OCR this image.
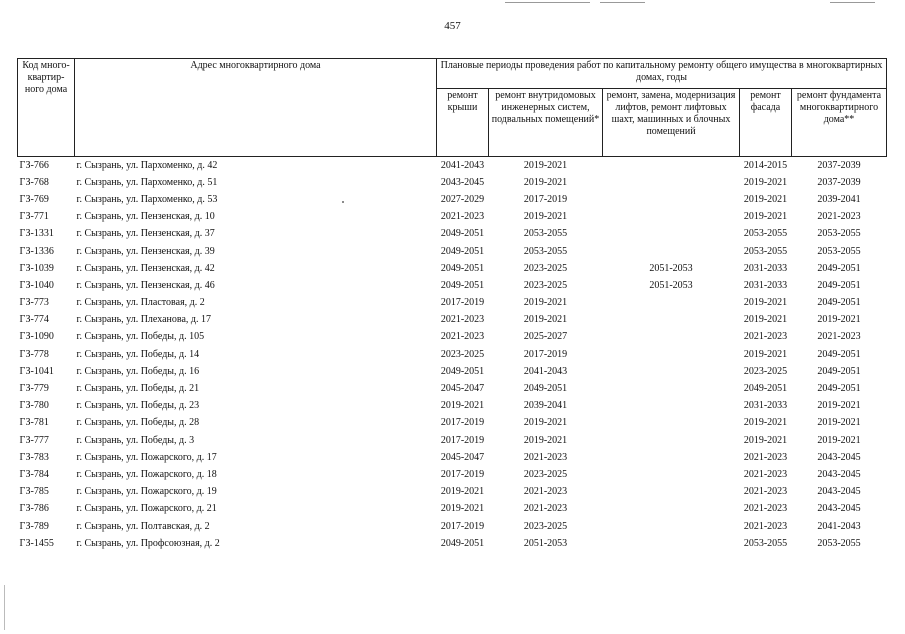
457
Код много-квартир-ного дома	Адрес многоквартирного дома	Плановые периоды проведения работ по капитальному ремонту общего имущества в многоквартирных домах, годы				
		ремонт крыши	ремонт внутридомовых инженерных систем, подвальных помещений*	ремонт, замена, модернизация лифтов, ремонт лифтовых шахт, машинных и блочных помещений	ремонт фасада	ремонт фундамента многоквартирного дома**
ГЗ-766	г. Сызрань, ул. Пархоменко, д. 42	2041-2043	2019-2021		2014-2015	2037-2039
ГЗ-768	г. Сызрань, ул. Пархоменко, д. 51	2043-2045	2019-2021		2019-2021	2037-2039
ГЗ-769	г. Сызрань, ул. Пархоменко, д. 53	2027-2029	2017-2019		2019-2021	2039-2041
ГЗ-771	г. Сызрань, ул. Пензенская, д. 10	2021-2023	2019-2021		2019-2021	2021-2023
ГЗ-1331	г. Сызрань, ул. Пензенская, д. 37	2049-2051	2053-2055		2053-2055	2053-2055
ГЗ-1336	г. Сызрань, ул. Пензенская, д. 39	2049-2051	2053-2055		2053-2055	2053-2055
ГЗ-1039	г. Сызрань, ул. Пензенская, д. 42	2049-2051	2023-2025	2051-2053	2031-2033	2049-2051
ГЗ-1040	г. Сызрань, ул. Пензенская, д. 46	2049-2051	2023-2025	2051-2053	2031-2033	2049-2051
ГЗ-773	г. Сызрань, ул. Пластовая, д. 2	2017-2019	2019-2021		2019-2021	2049-2051
ГЗ-774	г. Сызрань, ул. Плеханова, д. 17	2021-2023	2019-2021		2019-2021	2019-2021
ГЗ-1090	г. Сызрань, ул. Победы, д. 105	2021-2023	2025-2027		2021-2023	2021-2023
ГЗ-778	г. Сызрань, ул. Победы, д. 14	2023-2025	2017-2019		2019-2021	2049-2051
ГЗ-1041	г. Сызрань, ул. Победы, д. 16	2049-2051	2041-2043		2023-2025	2049-2051
ГЗ-779	г. Сызрань, ул. Победы, д. 21	2045-2047	2049-2051		2049-2051	2049-2051
ГЗ-780	г. Сызрань, ул. Победы, д. 23	2019-2021	2039-2041		2031-2033	2019-2021
ГЗ-781	г. Сызрань, ул. Победы, д. 28	2017-2019	2019-2021		2019-2021	2019-2021
ГЗ-777	г. Сызрань, ул. Победы, д. 3	2017-2019	2019-2021		2019-2021	2019-2021
ГЗ-783	г. Сызрань, ул. Пожарского, д. 17	2045-2047	2021-2023		2021-2023	2043-2045
ГЗ-784	г. Сызрань, ул. Пожарского, д. 18	2017-2019	2023-2025		2021-2023	2043-2045
ГЗ-785	г. Сызрань, ул. Пожарского, д. 19	2019-2021	2021-2023		2021-2023	2043-2045
ГЗ-786	г. Сызрань, ул. Пожарского, д. 21	2019-2021	2021-2023		2021-2023	2043-2045
ГЗ-789	г. Сызрань, ул. Полтавская, д. 2	2017-2019	2023-2025		2021-2023	2041-2043
ГЗ-1455	г. Сызрань, ул. Профсоюзная, д. 2	2049-2051	2051-2053		2053-2055	2053-2055
